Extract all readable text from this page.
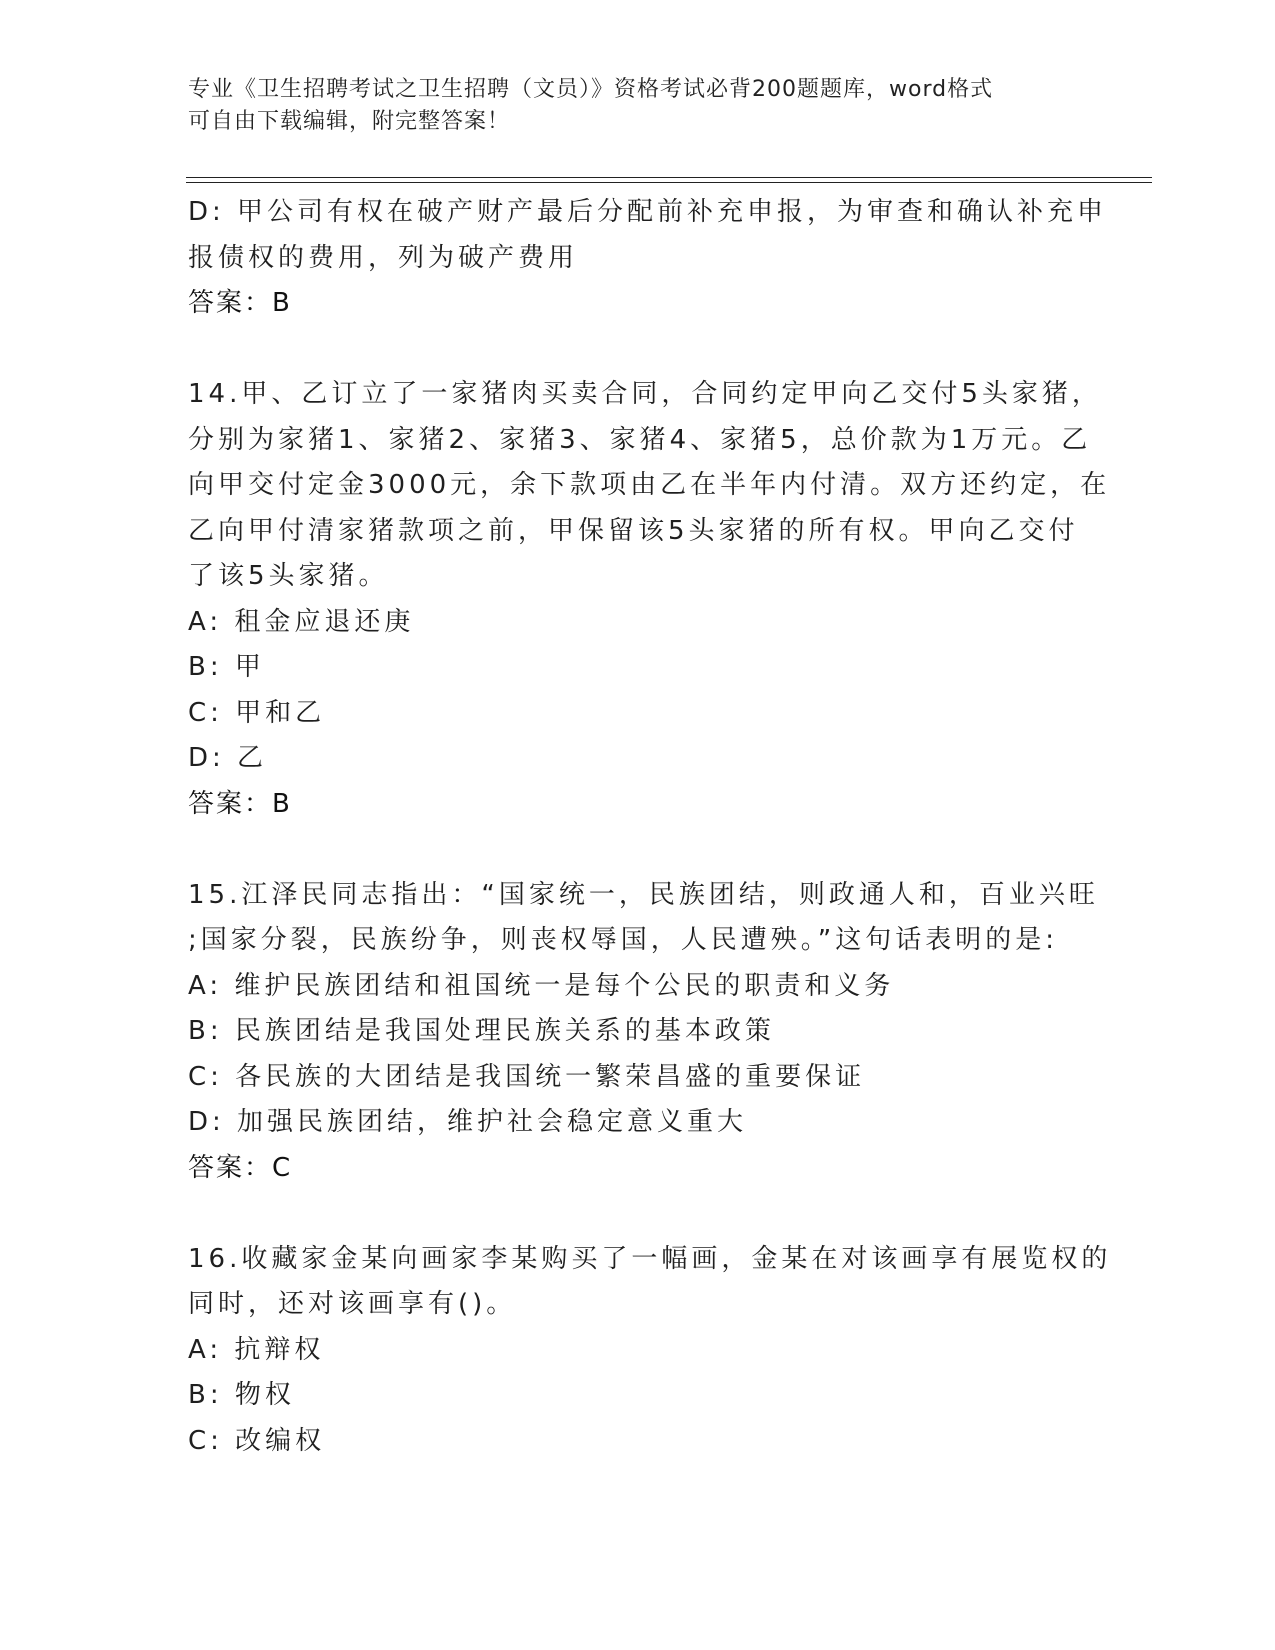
专业《卫生招聘考试之卫生招聘（文员）》资格考试必背200题题库，word格式
可自由下载编辑，附完整答案！
D: 甲公司有权在破产财产最后分配前补充申报，为审查和确认补充申
报债权的费用，列为破产费用
答案：B
14.甲、乙订立了一家猪肉买卖合同，合同约定甲向乙交付5头家猪，
分别为家猪1、家猪2、家猪3、家猪4、家猪5，总价款为1万元。乙
向甲交付定金3000元，余下款项由乙在半年内付清。双方还约定，在
乙向甲付清家猪款项之前，甲保留该5头家猪的所有权。甲向乙交付
了该5头家猪。
A: 租金应退还庚
B: 甲
C: 甲和乙
D: 乙
答案：B
15.江泽民同志指出：“国家统一，民族团结，则政通人和，百业兴旺
;国家分裂，民族纷争，则丧权辱国，人民遭殃。”这句话表明的是:
A: 维护民族团结和祖国统一是每个公民的职责和义务
B: 民族团结是我国处理民族关系的基本政策
C: 各民族的大团结是我国统一繁荣昌盛的重要保证
D: 加强民族团结，维护社会稳定意义重大
答案：C
16.收藏家金某向画家李某购买了一幅画，金某在对该画享有展览权的
同时，还对该画享有()。
A: 抗辩权
B: 物权
C: 改编权
